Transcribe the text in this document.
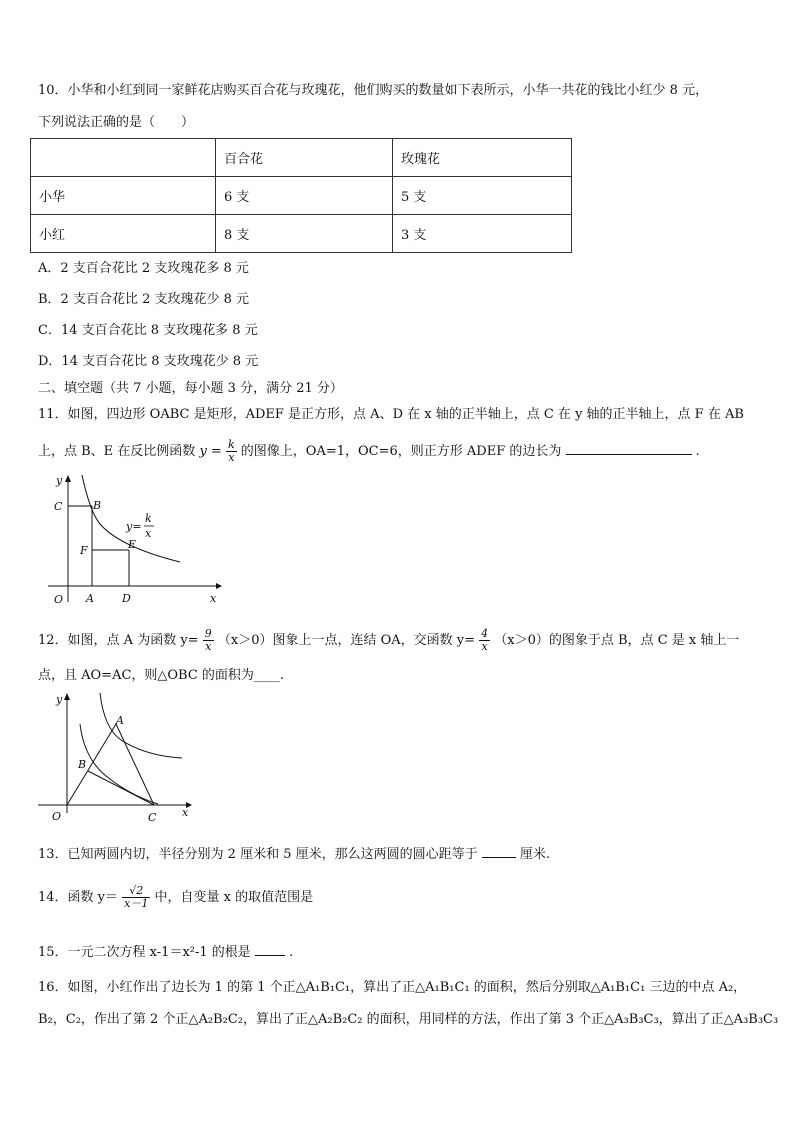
10．小华和小红到同一家鲜花店购买百合花与玫瑰花，他们购买的数量如下表所示，小华一共花的钱比小红少 8 元，
下列说法正确的是（　　）
	百合花	玫瑰花
小华	6 支	5 支
小红	8 支	3 支
A．2 支百合花比 2 支玫瑰花多 8 元
B．2 支百合花比 2 支玫瑰花少 8 元
C．14 支百合花比 8 支玫瑰花多 8 元
D．14 支百合花比 8 支玫瑰花少 8 元
二、填空题（共 7 小题，每小题 3 分，满分 21 分）
11．如图，四边形 OABC 是矩形，ADEF 是正方形，点 A、D 在 x 轴的正半轴上，点 C 在 y 轴的正半轴上，点 F 在 AB
上，点 B、E 在反比例函数 $y = \frac{k}{x}$ 的图像上，OA=1，OC=6，则正方形 ADEF 的边长为	.
C	B
F	E
O A	D	x
y
y=
k
x
12．如图，点 A 为函数 $y= \frac{9}{x} (x>0)$图象上一点，连结 OA，交函数 $y= \frac{4}{x} (x>0)$的图象于点 B，点 C 是 x 轴上一
点，且 AO=AC，则△OBC 的面积为____.
A
B
O	C x
y
13．已知两圆内切，半径分别为 2 厘米和 5 厘米，那么这两圆的圆心距等于	厘米.
14．函数 $y= \frac{√2}{x-1}$ 中，自变量 x 的取值范围是
15．一元二次方程 x-1＝x²-1 的根是	.
16．如图，小红作出了边长为 1 的第 1 个正△A₁B₁C₁，算出了正△A₁B₁C₁ 的面积，然后分别取△A₁B₁C₁ 三边的中点 A₂，
B₂，C₂，作出了第 2 个正△A₂B₂C₂，算出了正△A₂B₂C₂ 的面积，用同样的方法，作出了第 3 个正△A₃B₃C₃，算出了正△A₃B₃C₃
